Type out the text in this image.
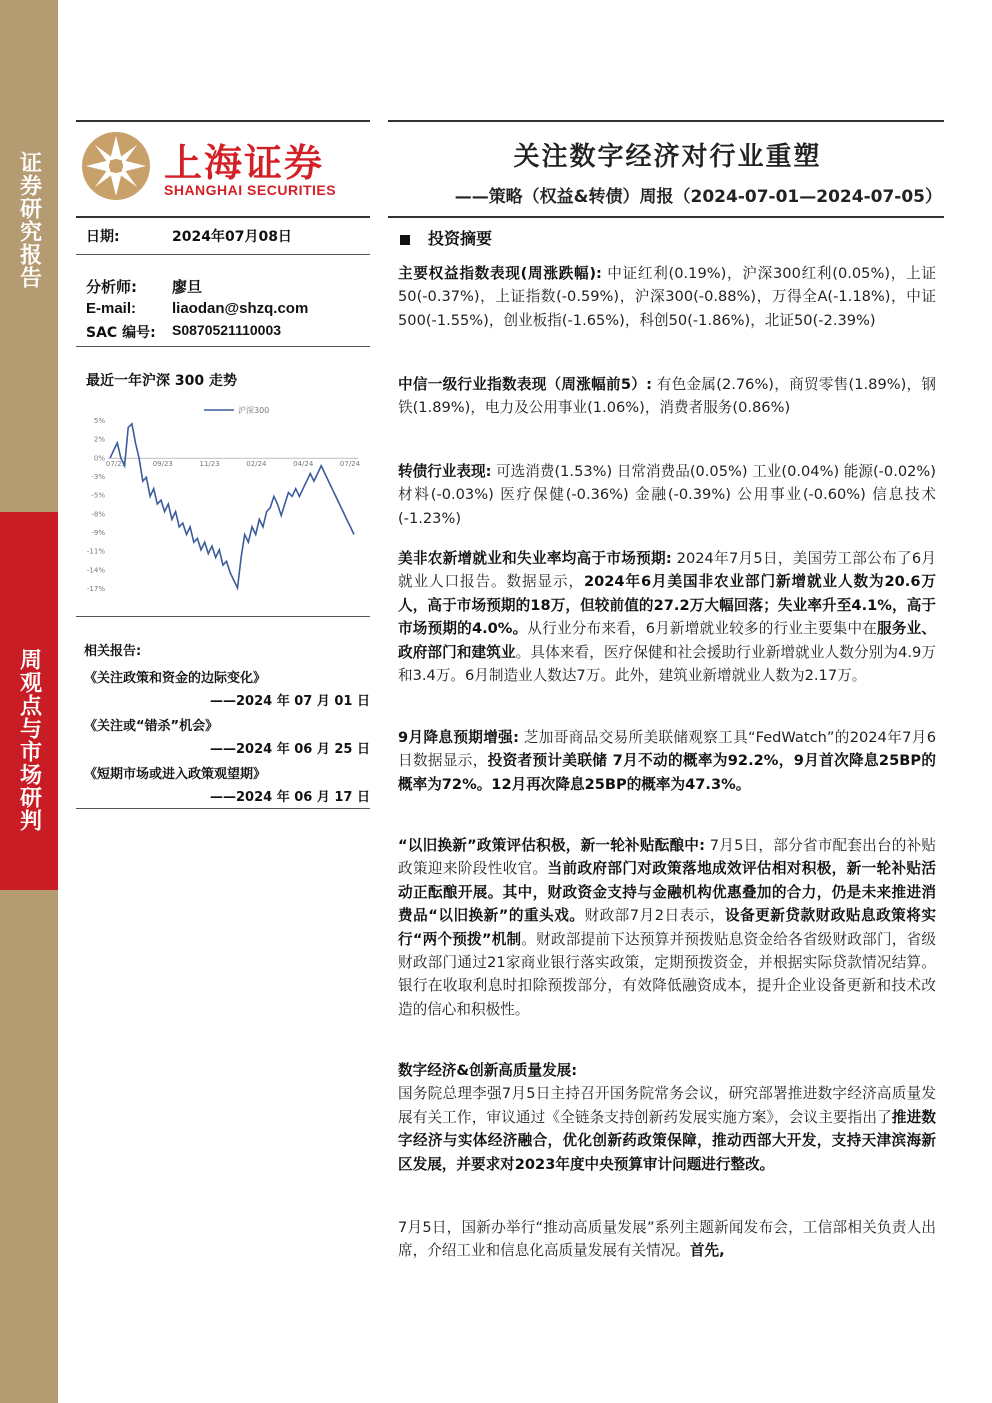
证券研究报告
周观点与市场研判
上海证券
SHANGHAI SECURITIES
关注数字经济对行业重塑
——策略（权益&转债）周报（2024-07-01—2024-07-05）
日期:	2024年07月08日
分析师: 廖旦
E-mail: liaodan@shzq.com
SAC 编号: S0870521110003
最近一年沪深 300 走势
沪深300
5%
2%
0%
-3%
-5%
-8%
-9%
-11%
-14%
-17%
07/23	09/23	11/23	02/24	04/24	07/24
相关报告:
《关注政策和资金的边际变化》
——2024 年 07 月 01 日
《关注或“错杀”机会》
——2024 年 06 月 25 日
《短期市场或进入政策观望期》
——2024 年 06 月 17 日
投资摘要
主要权益指数表现(周涨跌幅): 中证红利(0.19%)，沪深300红利(0.05%)，上证50(-0.37%)，上证指数(-0.59%)，沪深300(-0.88%)，万得全A(-1.18%)，中证500(-1.55%)，创业板指(-1.65%)，科创50(-1.86%)，北证50(-2.39%)
中信一级行业指数表现（周涨幅前5）: 有色金属(2.76%)，商贸零售(1.89%)，钢铁(1.89%)，电力及公用事业(1.06%)，消费者服务(0.86%)
转债行业表现: 可选消费(1.53%) 日常消费品(0.05%) 工业(0.04%) 能源(-0.02%) 材料(-0.03%) 医疗保健(-0.36%) 金融(-0.39%) 公用事业(-0.60%) 信息技术(-1.23%)
美非农新增就业和失业率均高于市场预期: 2024年7月5日，美国劳工部公布了6月就业人口报告。数据显示，2024年6月美国非农业部门新增就业人数为20.6万人，高于市场预期的18万，但较前值的27.2万大幅回落；失业率升至4.1%，高于市场预期的4.0%。从行业分布来看，6月新增就业较多的行业主要集中在服务业、政府部门和建筑业。具体来看，医疗保健和社会援助行业新增就业人数分别为4.9万和3.4万。6月制造业人数达7万。此外，建筑业新增就业人数为2.17万。
9月降息预期增强: 芝加哥商品交易所美联储观察工具“FedWatch”的2024年7月6日数据显示，投资者预计美联储 7月不动的概率为92.2%，9月首次降息25BP的概率为72%。12月再次降息25BP的概率为47.3%。
“以旧换新”政策评估积极，新一轮补贴酝酿中: 7月5日，部分省市配套出台的补贴政策迎来阶段性收官。当前政府部门对政策落地成效评估相对积极，新一轮补贴活动正酝酿开展。其中，财政资金支持与金融机构优惠叠加的合力，仍是未来推进消费品“以旧换新”的重头戏。财政部7月2日表示，设备更新贷款财政贴息政策将实行“两个预拨”机制。财政部提前下达预算并预拨贴息资金给各省级财政部门，省级财政部门通过21家商业银行落实政策，定期预拨资金，并根据实际贷款情况结算。银行在收取利息时扣除预拨部分，有效降低融资成本，提升企业设备更新和技术改造的信心和积极性。
数字经济&创新高质量发展:
国务院总理李强7月5日主持召开国务院常务会议，研究部署推进数字经济高质量发展有关工作，审议通过《全链条支持创新药发展实施方案》，会议主要指出了推进数字经济与实体经济融合，优化创新药政策保障，推动西部大开发，支持天津滨海新区发展，并要求对2023年度中央预算审计问题进行整改。
7月5日，国新办举行“推动高质量发展”系列主题新闻发布会，工信部相关负责人出席，介绍工业和信息化高质量发展有关情况。首先,
